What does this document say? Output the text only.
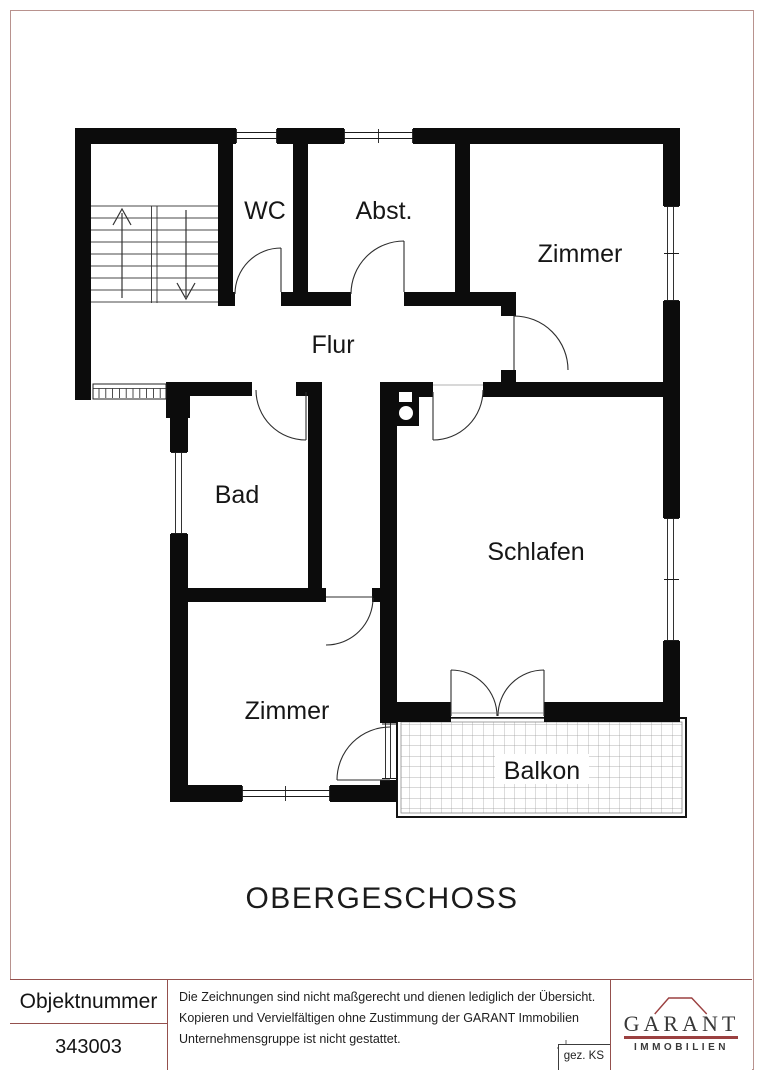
WC	Abst.
Zimmer
Flur
Bad
Schlafen
Zimmer
Balkon
OBERGESCHOSS
Objektnummer
343003
Die Zeichnungen sind nicht maßgerecht und dienen lediglich der Übersicht.
Kopieren und Vervielfältigen ohne Zustimmung der GARANT Immobilien
Unternehmensgruppe ist nicht gestattet.
gez. KS
GARANT
IMMOBILIEN
